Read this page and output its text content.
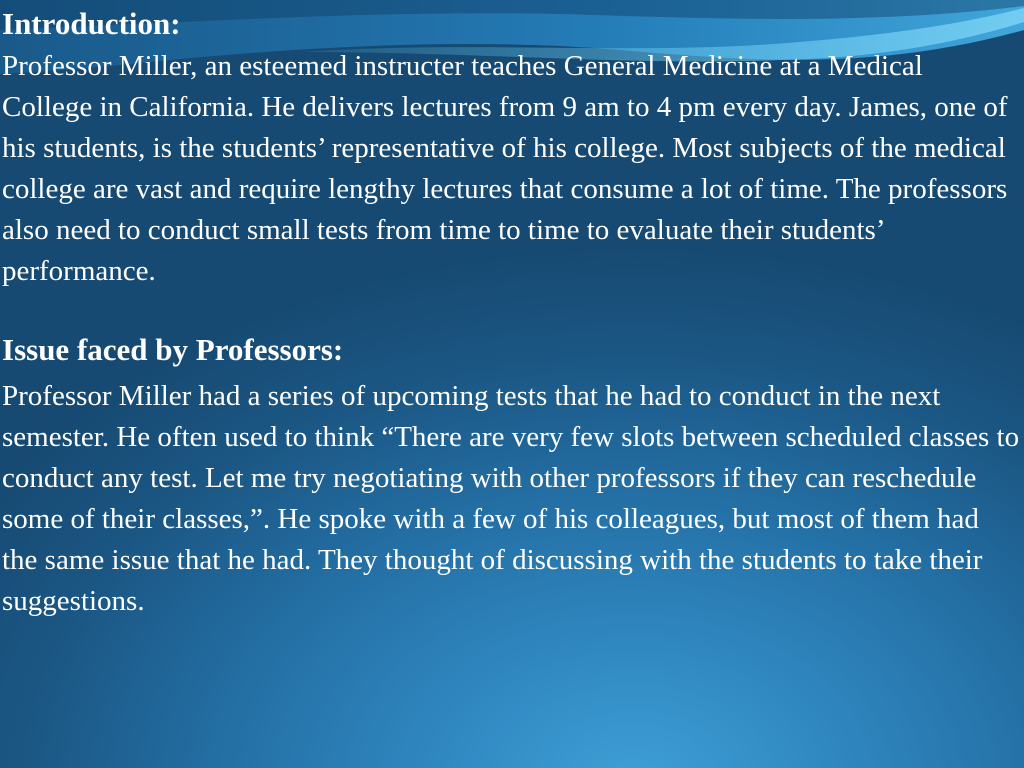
Introduction:

Professor Miller, an esteemed instructer teaches General Medicine at a Medical College in California. He delivers lectures from 9 am to 4 pm every day. James, one of his students, is the students’ representative of his college. Most subjects of the medical college are vast and require lengthy lectures that consume a lot of time. The professors also need to conduct small tests from time to time to evaluate their students’ performance.

Issue faced by Professors:

Professor Miller had a series of upcoming tests that he had to conduct in the next semester. He often used to think “There are very few slots between scheduled classes to conduct any test. Let me try negotiating with other professors if they can reschedule some of their classes,”. He spoke with a few of his colleagues, but most of them had the same issue that he had. They thought of discussing with the students to take their suggestions.
